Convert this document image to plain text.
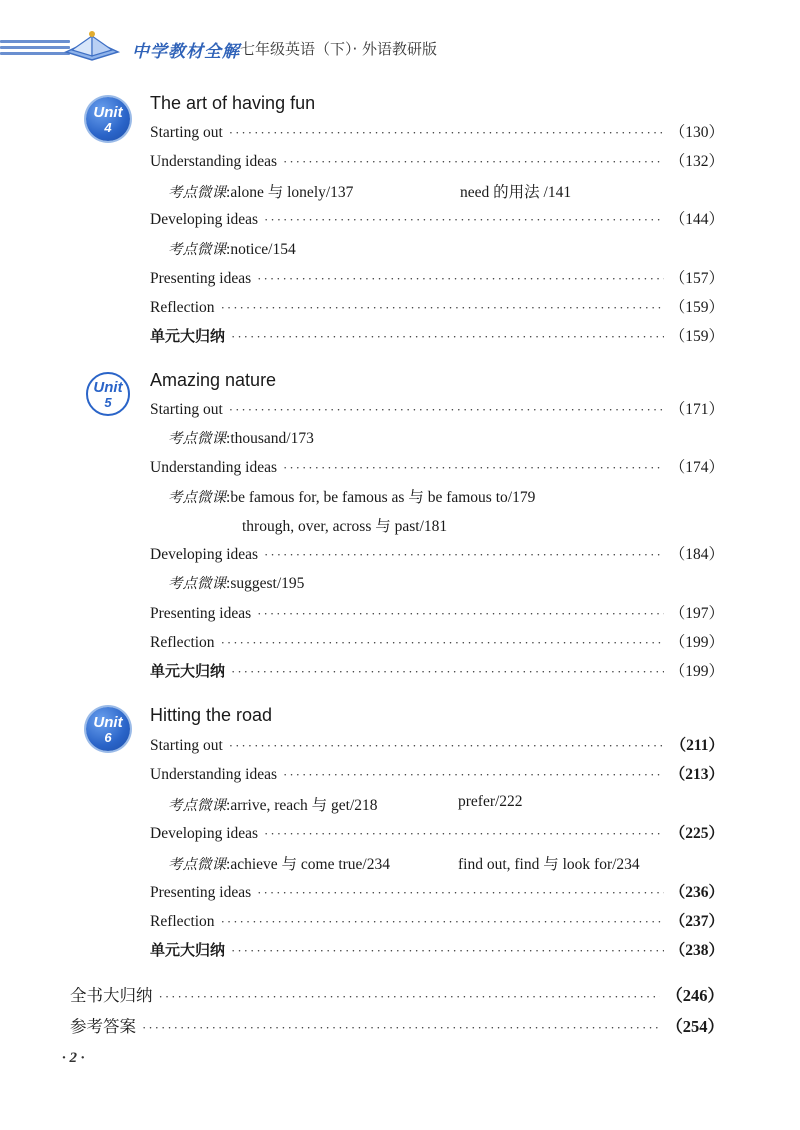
中学教材全解 七年级英语（下）· 外语教研版
Unit
4
The art of having fun
Starting out ·····	（130）
Understanding ideas ·····	（132）
考点微课:alone 与 lonely/137	need 的用法 /141
Developing ideas ·····	（144）
考点微课:notice/154
Presenting ideas ·····	（157）
Reflection ·····	（159）
单元大归纳 ·····	（159）
Unit
5
Amazing nature
Starting out ·····	（171）
考点微课:thousand/173
Understanding ideas ·····	（174）
考点微课:be famous for, be famous as 与 be famous to/179
through, over, across 与 past/181
Developing ideas ·····	（184）
考点微课:suggest/195
Presenting ideas ·····	（197）
Reflection ·····	（199）
单元大归纳 ·····	（199）
Unit
6
Hitting the road
Starting out ·····	（211）
Understanding ideas ·····	（213）
考点微课:arrive, reach 与 get/218	prefer/222
Developing ideas ·····	（225）
考点微课:achieve 与 come true/234	find out, find 与 look for/234
Presenting ideas ·····	（236）
Reflection ·····	（237）
单元大归纳 ·····	（238）
全书大归纳 ·····	（246）
参考答案 ·····	（254）
· 2 ·
